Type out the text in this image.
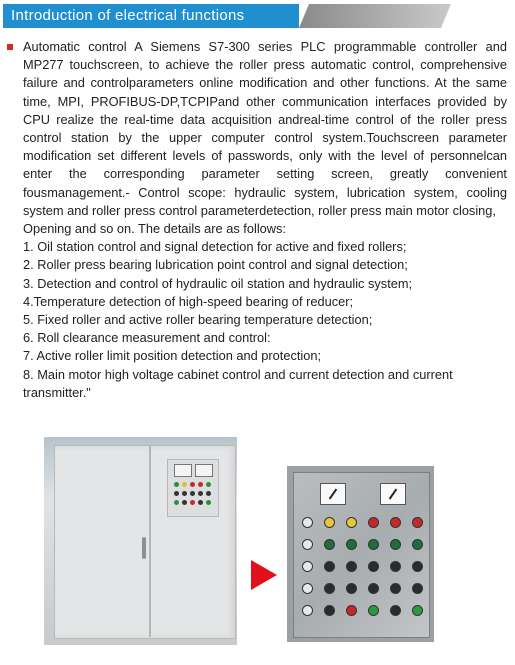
Introduction of electrical functions

Automatic control A Siemens S7-300 series PLC programmable controller and MP277 touchscreen, to achieve the roller press automatic control, comprehensive failure and controlparameters online modification and other functions. At the same time, MPI, PROFIBUS-DP,TCPIPand other communication interfaces provided by CPU realize the real-time data acquisition andreal-time control of the roller press control station by the upper computer control system.Touchscreen parameter modification set different levels of passwords, only with the level of personnelcan enter the corresponding parameter setting screen, greatly convenient fousmanagement.- Control scope: hydraulic system, lubrication system, cooling system and roller press control parameterdetection, roller press main motor closing,

Opening and so on. The details are as follows:
1. Oil station control and signal detection for active and fixed rollers;
2. Roller press bearing lubrication point control and signal detection;
3. Detection and control of hydraulic oil station and hydraulic system;
4.Temperature detection of high-speed bearing of reducer;
5. Fixed roller and active roller bearing temperature detection;
6. Roll clearance measurement and control:
7. Active roller limit position detection and protection;
8. Main motor high voltage cabinet control and current detection and current transmitter."
